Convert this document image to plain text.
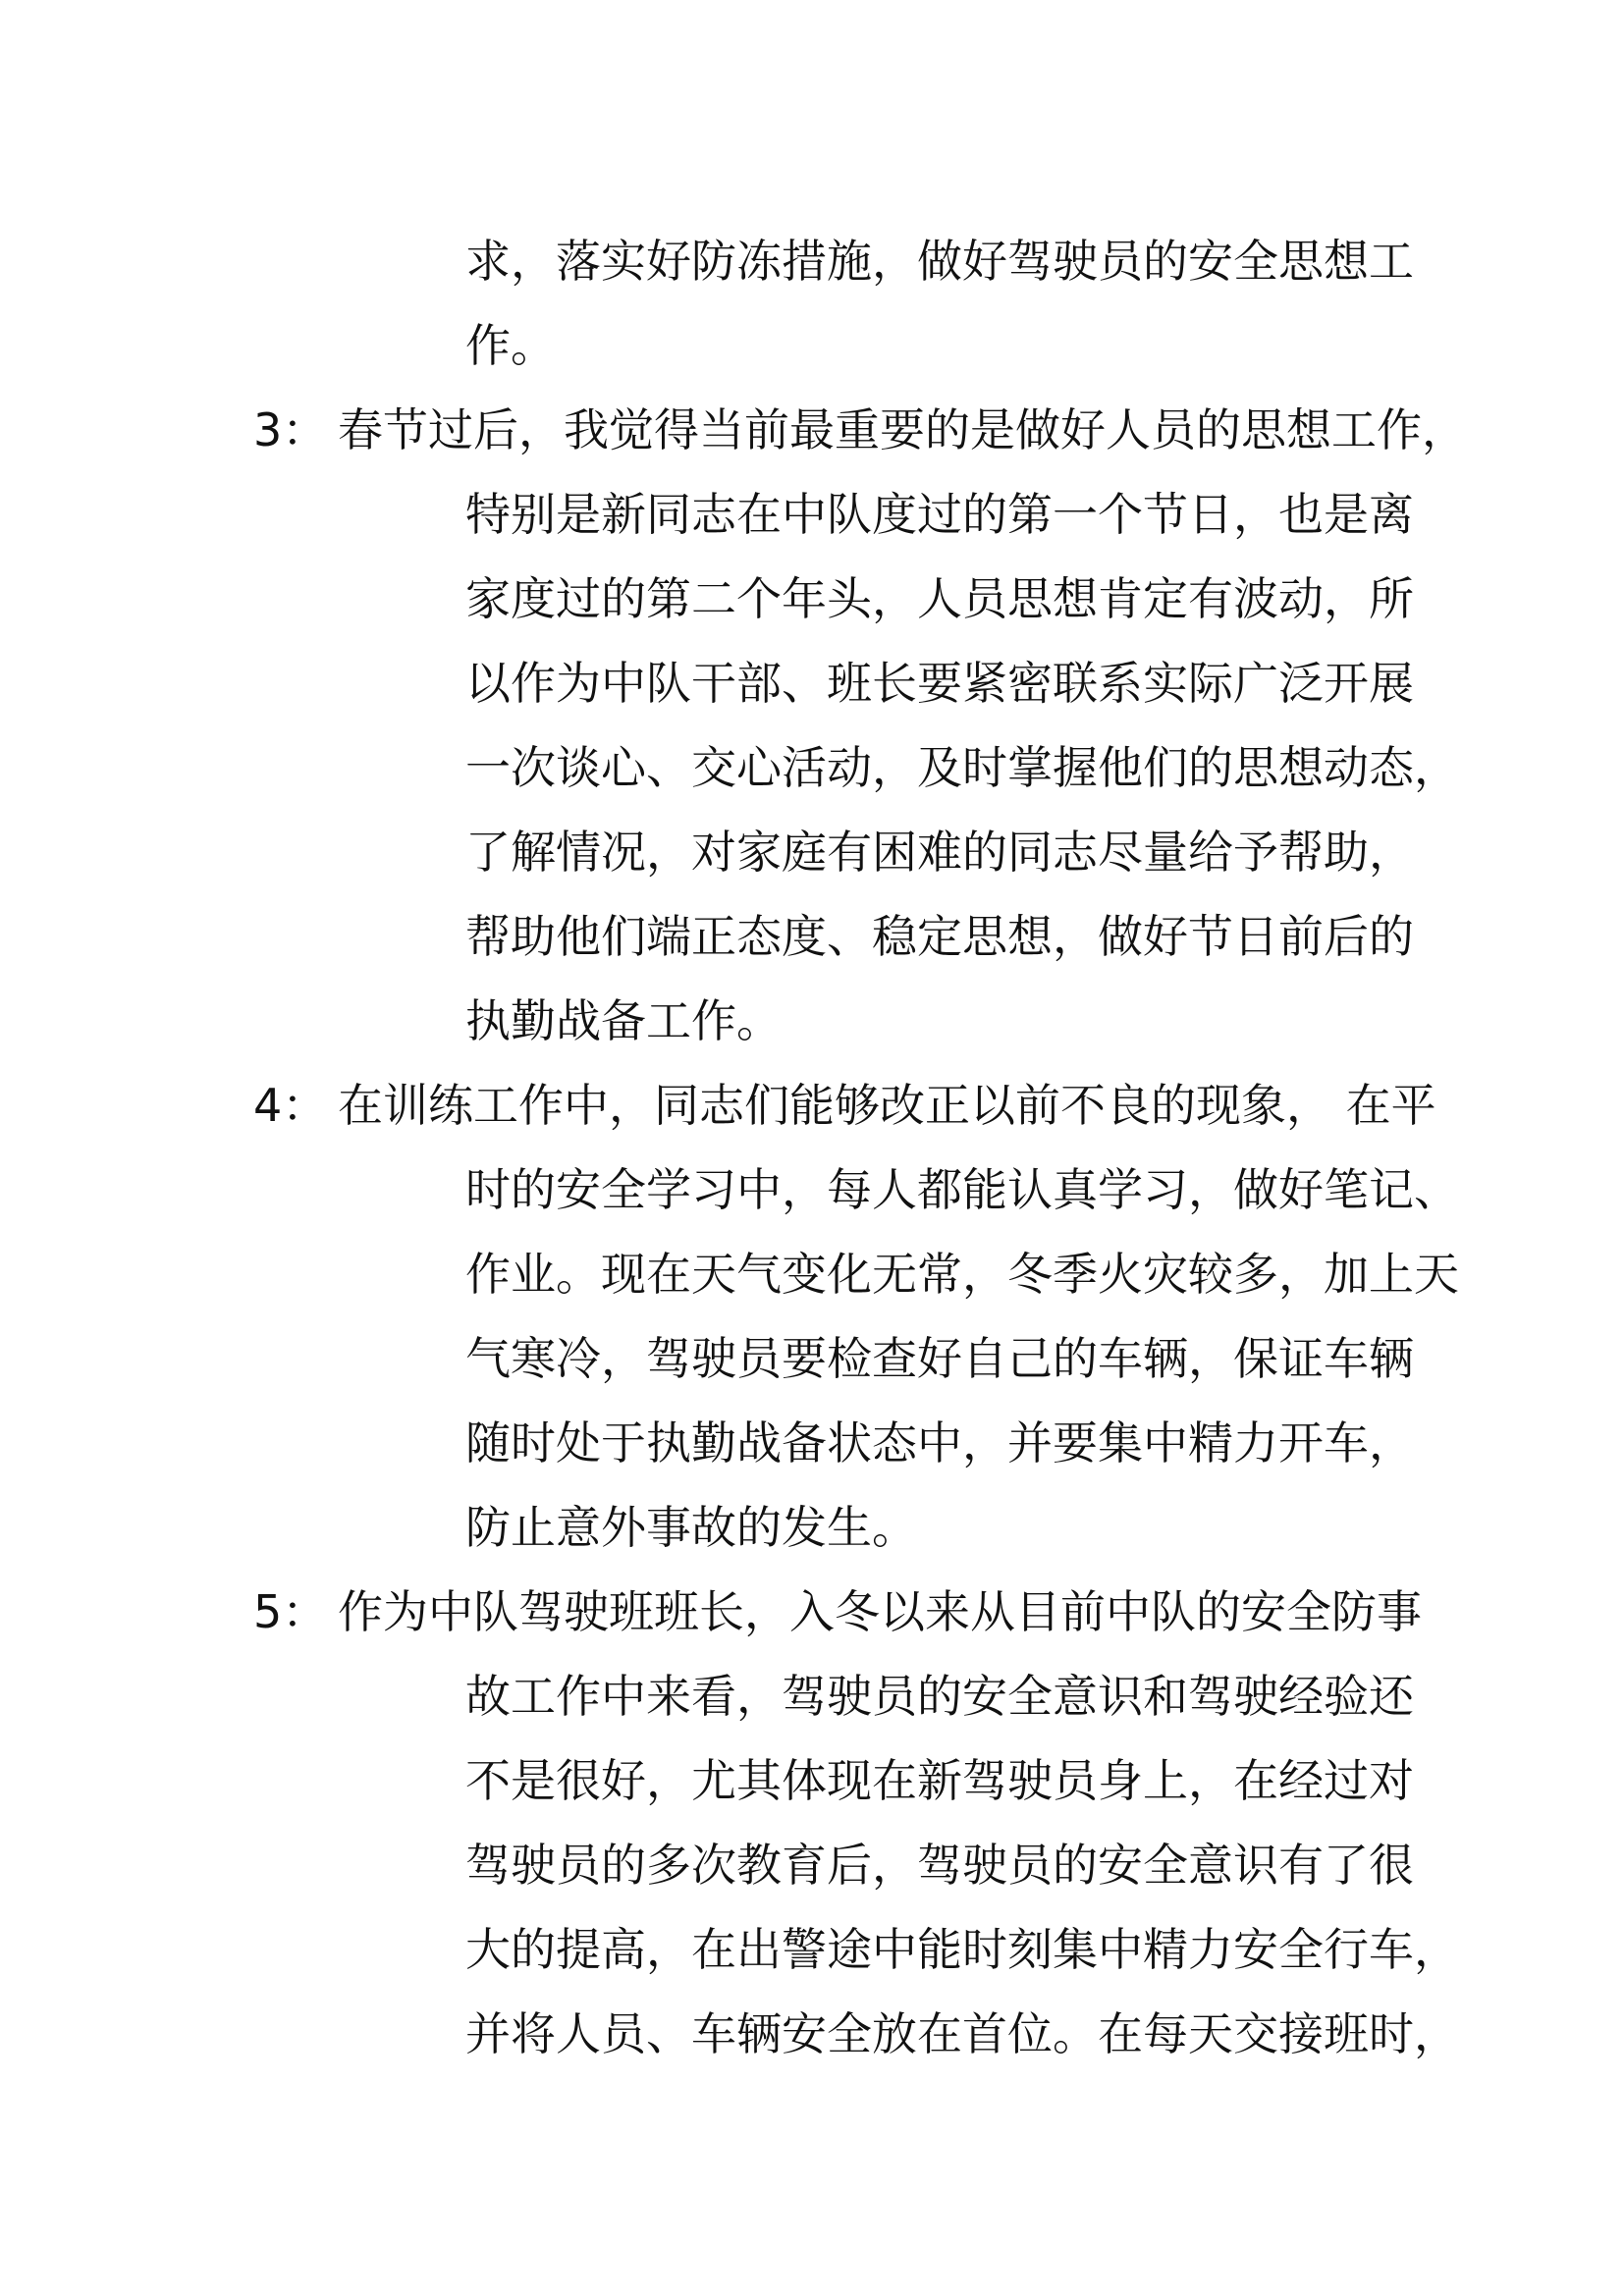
求，落实好防冻措施，做好驾驶员的安全思想工
作。
3： 春节过后，我觉得当前最重要的是做好人员的思想工作，
特别是新同志在中队度过的第一个节日，也是离
家度过的第二个年头，人员思想肯定有波动，所
以作为中队干部、班长要紧密联系实际广泛开展
一次谈心、交心活动，及时掌握他们的思想动态，
了解情况，对家庭有困难的同志尽量给予帮助，
帮助他们端正态度、稳定思想，做好节日前后的
执勤战备工作。
4： 在训练工作中，同志们能够改正以前不良的现象， 在平
时的安全学习中，每人都能认真学习，做好笔记、
作业。现在天气变化无常，冬季火灾较多，加上天
气寒冷，驾驶员要检查好自己的车辆，保证车辆
随时处于执勤战备状态中，并要集中精力开车，
防止意外事故的发生。
5： 作为中队驾驶班班长，入冬以来从目前中队的安全防事
故工作中来看，驾驶员的安全意识和驾驶经验还
不是很好，尤其体现在新驾驶员身上，在经过对
驾驶员的多次教育后，驾驶员的安全意识有了很
大的提高，在出警途中能时刻集中精力安全行车，
并将人员、车辆安全放在首位。在每天交接班时，
